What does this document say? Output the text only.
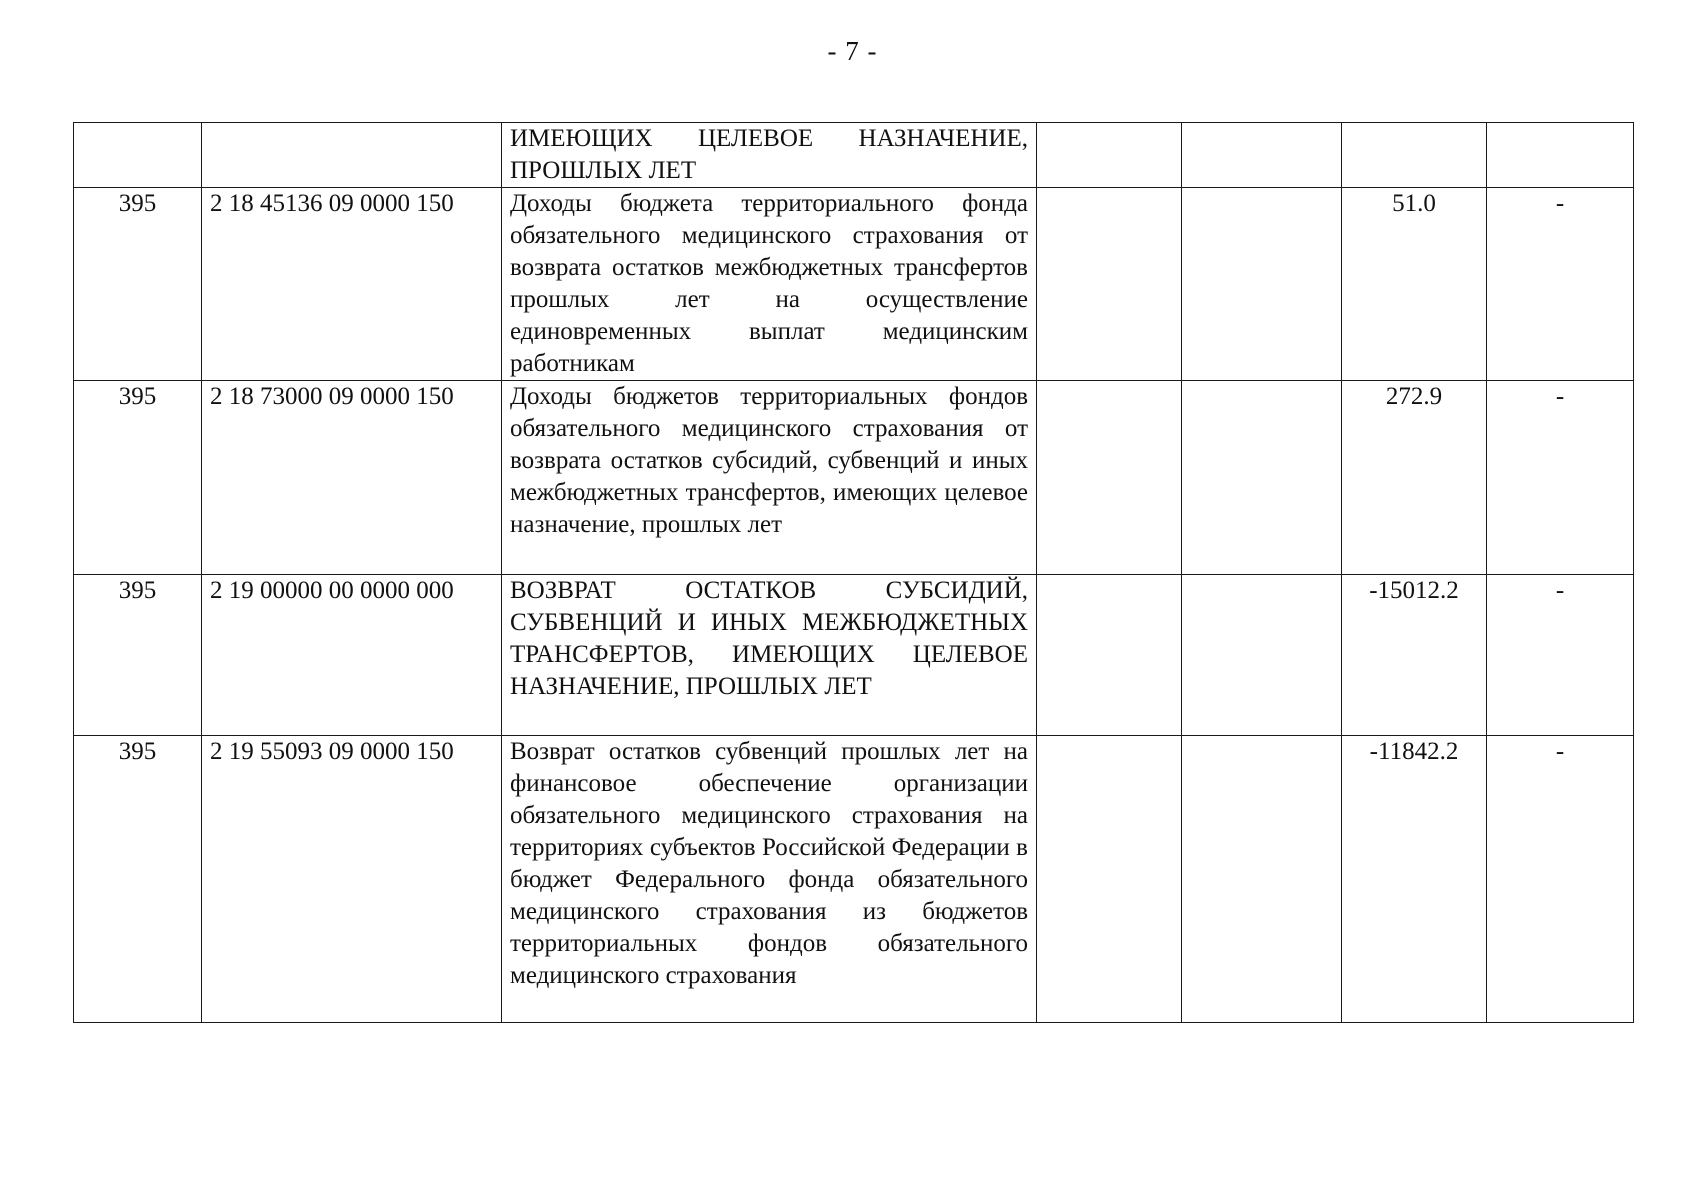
- 7 -

		ИМЕЮЩИХ ЦЕЛЕВОЕ НАЗНАЧЕНИЕ, ПРОШЛЫХ ЛЕТ				

395	2 18 45136 09 0000 150	Доходы бюджета территориального фонда обязательного медицинского страхования от возврата остатков межбюджетных трансфертов прошлых лет на осуществление единовременных выплат медицинским работникам			51.0	-
395	2 18 73000 09 0000 150	Доходы бюджетов территориальных фондов обязательного медицинского страхования от возврата остатков субсидий, субвенций и иных межбюджетных трансфертов, имеющих целевое назначение, прошлых лет			272.9	-
395	2 19 00000 00 0000 000	ВОЗВРАТ ОСТАТКОВ СУБСИДИЙ, СУБВЕНЦИЙ И ИНЫХ МЕЖБЮДЖЕТНЫХ ТРАНСФЕРТОВ, ИМЕЮЩИХ ЦЕЛЕВОЕ НАЗНАЧЕНИЕ, ПРОШЛЫХ ЛЕТ			-15012.2	-
395	2 19 55093 09 0000 150	Возврат остатков субвенций прошлых лет на финансовое обеспечение организации обязательного медицинского страхования на территориях субъектов Российской Федерации в бюджет Федерального фонда обязательного медицинского страхования из бюджетов территориальных фондов обязательного медицинского страхования			-11842.2	-
